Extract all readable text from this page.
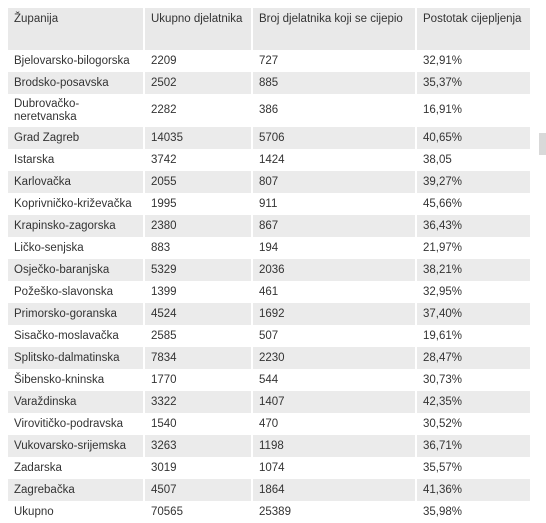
Županija	Ukupno djelatnika	Broj djelatnika koji se cijepio	Postotak cijepljenja
Bjelovarsko-bilogorska	2209	727	32,91%
Brodsko-posavska	2502	885	35,37%
Dubrovačko-neretvanska	2282	386	16,91%
Grad Zagreb	14035	5706	40,65%
Istarska	3742	1424	38,05
Karlovačka	2055	807	39,27%
Koprivničko-križevačka	1995	911	45,66%
Krapinsko-zagorska	2380	867	36,43%
Ličko-senjska	883	194	21,97%
Osječko-baranjska	5329	2036	38,21%
Požeško-slavonska	1399	461	32,95%
Primorsko-goranska	4524	1692	37,40%
Sisačko-moslavačka	2585	507	19,61%
Splitsko-dalmatinska	7834	2230	28,47%
Šibensko-kninska	1770	544	30,73%
Varaždinska	3322	1407	42,35%
Virovitičko-podravska	1540	470	30,52%
Vukovarsko-srijemska	3263	1198	36,71%
Zadarska	3019	1074	35,57%
Zagrebačka	4507	1864	41,36%
Ukupno	70565	25389	35,98%
